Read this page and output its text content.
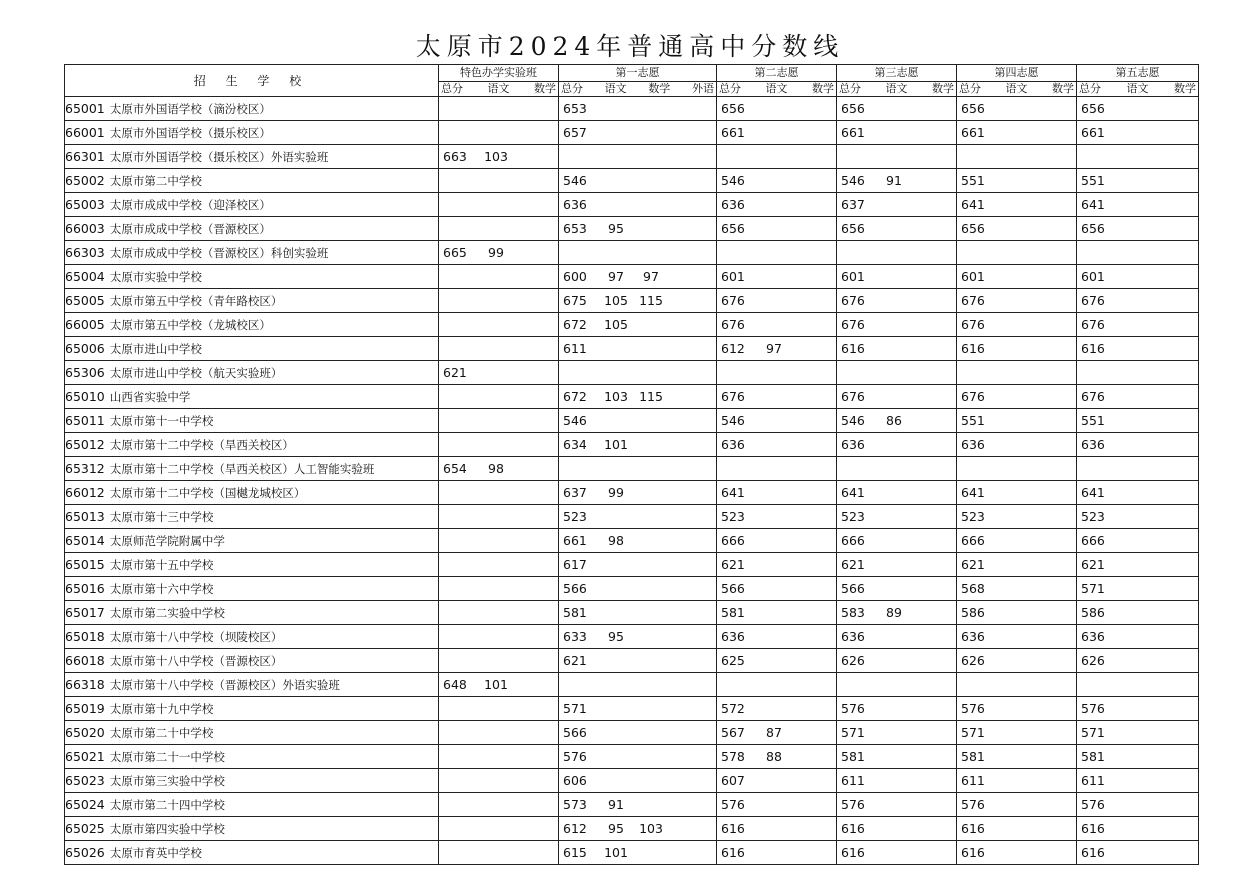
太原市2024年普通高中分数线
招 生 学 校	特色办学实验班	第一志愿	第二志愿	第三志愿	第四志愿	第五志愿

	总分 语文 数学	总分 语文 数学 外语	总分 语文 数学	总分 语文 数学	总分 语文 数学	总分 语文 数学

65001 太原市外国语学校（滴汾校区）		653	656	656	656	656
66001 太原市外国语学校（摄乐校区）		657	661	661	661	661
66301 太原市外国语学校（摄乐校区）外语实验班	663 103					
65002 太原市第二中学校		546	546	546 91	551	551
65003 太原市成成中学校（迎泽校区）		636	636	637	641	641
66003 太原市成成中学校（晋源校区）		653 95	656	656	656	656
66303 太原市成成中学校（晋源校区）科创实验班	665 99					
65004 太原市实验中学校		600 97 97	601	601	601	601
65005 太原市第五中学校（青年路校区）		675 105 115	676	676	676	676
66005 太原市第五中学校（龙城校区）		672 105	676	676	676	676
65006 太原市进山中学校		611	612 97	616	616	616
65306 太原市进山中学校（航天实验班）	621					
65010 山西省实验中学		672 103 115	676	676	676	676
65011 太原市第十一中学校		546	546	546 86	551	551
65012 太原市第十二中学校（旱西关校区）		634 101	636	636	636	636
65312 太原市第十二中学校（旱西关校区）人工智能实验班	654 98					
66012 太原市第十二中学校（国樾龙城校区）		637 99	641	641	641	641
65013 太原市第十三中学校		523	523	523	523	523
65014 太原师范学院附属中学		661 98	666	666	666	666
65015 太原市第十五中学校		617	621	621	621	621
65016 太原市第十六中学校		566	566	566	568	571
65017 太原市第二实验中学校		581	581	583 89	586	586
65018 太原市第十八中学校（坝陵校区）		633 95	636	636	636	636
66018 太原市第十八中学校（晋源校区）		621	625	626	626	626
66318 太原市第十八中学校（晋源校区）外语实验班	648 101					
65019 太原市第十九中学校		571	572	576	576	576
65020 太原市第二十中学校		566	567 87	571	571	571
65021 太原市第二十一中学校		576	578 88	581	581	581
65023 太原市第三实验中学校		606	607	611	611	611
65024 太原市第二十四中学校		573 91	576	576	576	576
65025 太原市第四实验中学校		612 95 103	616	616	616	616
65026 太原市育英中学校		615 101	616	616	616	616
